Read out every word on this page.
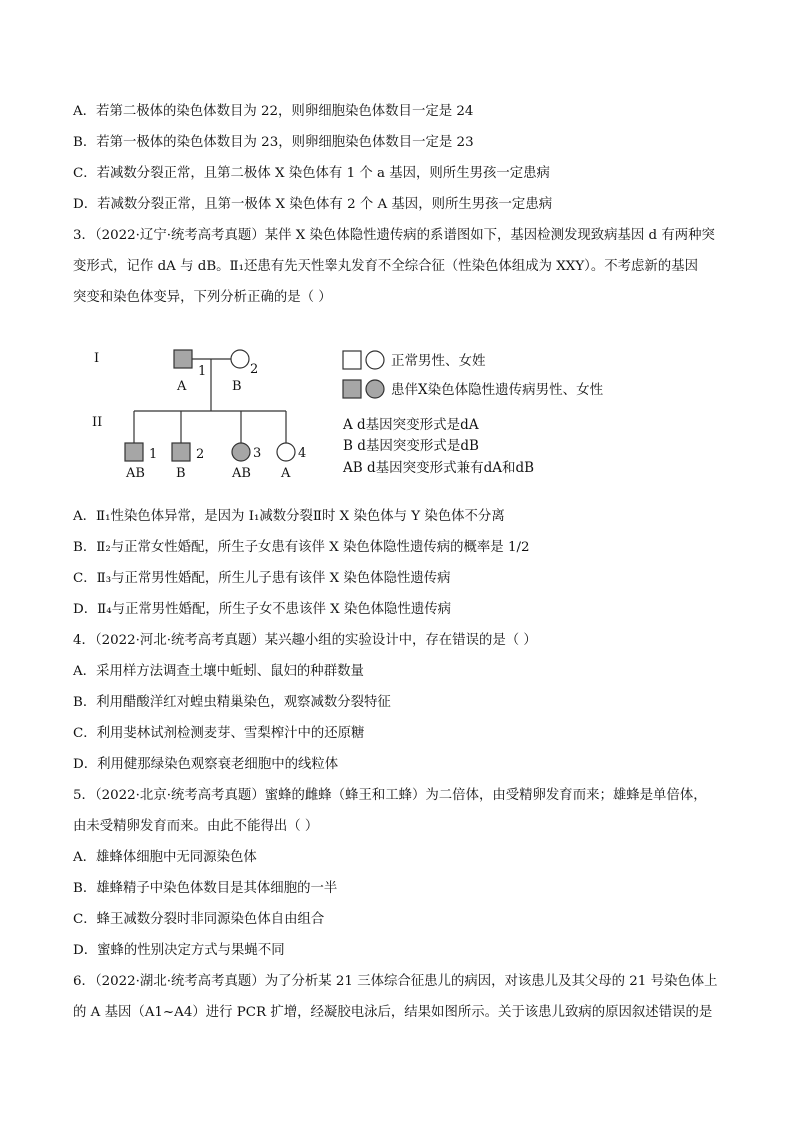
A．若第二极体的染色体数目为 22，则卵细胞染色体数目一定是 24
B．若第一极体的染色体数目为 23，则卵细胞染色体数目一定是 23
C．若减数分裂正常，且第二极体 X 染色体有 1 个 a 基因，则所生男孩一定患病
D．若减数分裂正常，且第一极体 X 染色体有 2 个 A 基因，则所生男孩一定患病
3．（2022·辽宁·统考高考真题）某伴 X 染色体隐性遗传病的系谱图如下，基因检测发现致病基因 d 有两种突
变形式，记作 dA 与 dB。Ⅱ₁还患有先天性睾丸发育不全综合征（性染色体组成为 XXY）。不考虑新的基因
突变和染色体变异，下列分析正确的是（ ）
I
II
1
A
2
B
1
AB
2
B
3
AB
4
A
正常男性、女姓
患伴X染色体隐性遗传病男性、女性
A d基因突变形式是dA
B d基因突变形式是dB
AB d基因突变形式兼有dA和dB
A．Ⅱ₁性染色体异常，是因为 I₁减数分裂Ⅱ时 X 染色体与 Y 染色体不分离
B．Ⅱ₂与正常女性婚配，所生子女患有该伴 X 染色体隐性遗传病的概率是 1/2
C．Ⅱ₃与正常男性婚配，所生儿子患有该伴 X 染色体隐性遗传病
D．Ⅱ₄与正常男性婚配，所生子女不患该伴 X 染色体隐性遗传病
4．（2022·河北·统考高考真题）某兴趣小组的实验设计中，存在错误的是（ ）
A．采用样方法调查土壤中蚯蚓、鼠妇的种群数量
B．利用醋酸洋红对蝗虫精巢染色，观察减数分裂特征
C．利用斐林试剂检测麦芽、雪梨榨汁中的还原糖
D．利用健那绿染色观察衰老细胞中的线粒体
5．（2022·北京·统考高考真题）蜜蜂的雌蜂（蜂王和工蜂）为二倍体，由受精卵发育而来；雄蜂是单倍体，
由未受精卵发育而来。由此不能得出（ ）
A．雄蜂体细胞中无同源染色体
B．雄蜂精子中染色体数目是其体细胞的一半
C．蜂王减数分裂时非同源染色体自由组合
D．蜜蜂的性别决定方式与果蝇不同
6．（2022·湖北·统考高考真题）为了分析某 21 三体综合征患儿的病因，对该患儿及其父母的 21 号染色体上
的 A 基因（A1~A4）进行 PCR 扩增，经凝胶电泳后，结果如图所示。关于该患儿致病的原因叙述错误的是
